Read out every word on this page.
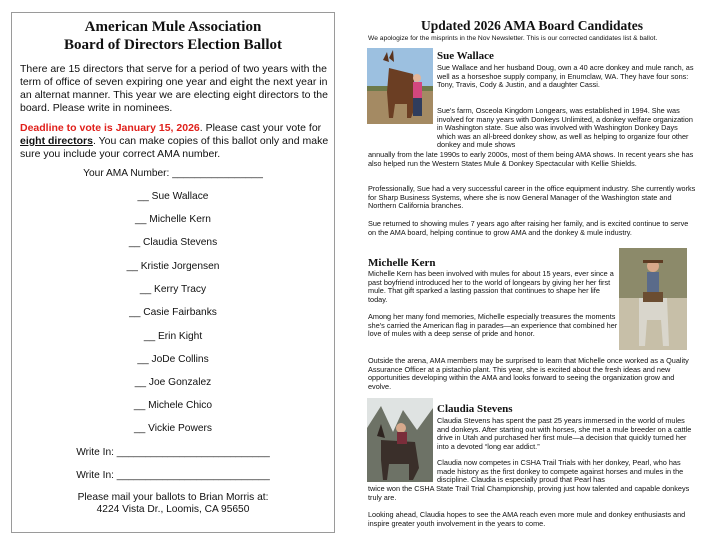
American Mule Association
Board of Directors Election Ballot

There are 15 directors that serve for a period of two years with the term of office of seven expiring one year and eight the next year in an alternat manner. This year we are electing eight directors to the board. Please write in nominees.

Deadline to vote is January 15, 2026. Please cast your vote for eight directors. You can make copies of this ballot only and make sure you include your correct AMA number.

Your AMA Number: ________________
__ Sue Wallace
__ Michelle Kern
__ Claudia Stevens
__ Kristie Jorgensen
__ Kerry Tracy
__ Casie Fairbanks
__ Erin Kight
__ JoDe Collins
__ Joe Gonzalez
__ Michele Chico
__ Vickie Powers
Write In: ___________________________
Write In: ___________________________
Please mail your ballots to Brian Morris at:
4224 Vista Dr., Loomis, CA 95650
Updated 2026 AMA Board Candidates
We apologize for the misprints in the Nov Newsletter. This is our corrected candidates list & ballot.
Sue Wallace

Sue Wallace and her husband Doug, own a 40 acre donkey and mule ranch, as well as a horseshoe supply company, in Enumclaw, WA. They have four sons: Tony, Travis, Cody & Justin, and a daughter Cassi.

Sue's farm, Osceola Kingdom Longears, was established in 1994. She was involved for many years with Donkeys Unlimited, a donkey welfare organization in Washington state. Sue also was involved with Washington Donkey Days which was an all-breed donkey show, as well as helping to organize four other donkey and mule shows

annually from the late 1990s to early 2000s, most of them being AMA shows. In recent years she has also helped run the Western States Mule & Donkey Spectacular with Kellie Shields.

Professionally, Sue had a very successful career in the office equipment industry. She currently works for Sharp Business Systems, where she is now General Manager of the Washington state and Northern California branches.

Sue returned to showing mules 7 years ago after raising her family, and is excited continue to serve on the AMA board, helping continue to grow AMA and the donkey & mule industry.

Michelle Kern

Michelle Kern has been involved with mules for about 15 years, ever since a past boyfriend introduced her to the world of longears by giving her her first mule. That gift sparked a lasting passion that continues to shape her life today.

Among her many fond memories, Michelle especially treasures the moments she's carried the American flag in parades—an experience that combined her love of mules with a deep sense of pride and honor.

Outside the arena, AMA members may be surprised to learn that Michelle once worked as a Quality Assurance Officer at a pistachio plant. This year, she is excited about the fresh ideas and new opportunities developing within the AMA and looks forward to seeing the organization grow and evolve.

Claudia Stevens

Claudia Stevens has spent the past 25 years immersed in the world of mules and donkeys. After starting out with horses, she met a mule breeder on a cattle drive in Utah and purchased her first mule—a decision that quickly turned her into a devoted “long ear addict.”

Claudia now competes in CSHA Trail Trials with her donkey, Pearl, who has made history as the first donkey to compete against horses and mules in the discipline. Claudia is especially proud that Pearl has

twice won the CSHA State Trail Trial Championship, proving just how talented and capable donkeys truly are.

Looking ahead, Claudia hopes to see the AMA reach even more mule and donkey enthusiasts and inspire greater youth involvement in the years to come.
